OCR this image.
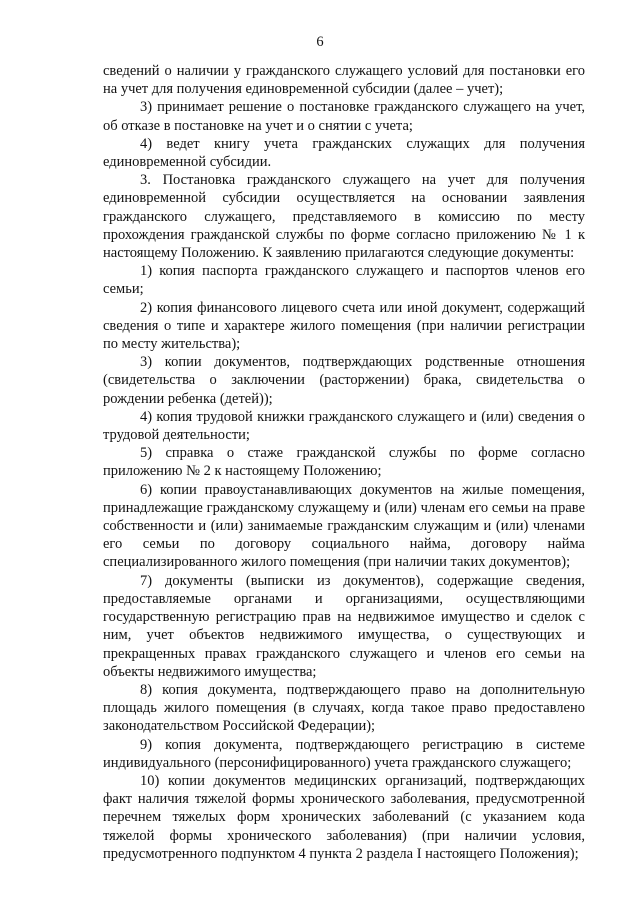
6

сведений о наличии у гражданского служащего условий для постановки его на учет для получения единовременной субсидии (далее – учет);

3) принимает решение о постановке гражданского служащего на учет, об отказе в постановке на учет и о снятии с учета;

4) ведет книгу учета гражданских служащих для получения единовременной субсидии.

3. Постановка гражданского служащего на учет для получения единовременной субсидии осуществляется на основании заявления гражданского служащего, представляемого в комиссию по месту прохождения гражданской службы по форме согласно приложению № 1 к настоящему Положению. К заявлению прилагаются следующие документы:

1) копия паспорта гражданского служащего и паспортов членов его семьи;

2) копия финансового лицевого счета или иной документ, содержащий сведения о типе и характере жилого помещения (при наличии регистрации по месту жительства);

3) копии документов, подтверждающих родственные отношения (свидетельства о заключении (расторжении) брака, свидетельства о рождении ребенка (детей));

4) копия трудовой книжки гражданского служащего и (или) сведения о трудовой деятельности;

5) справка о стаже гражданской службы по форме согласно приложению № 2 к настоящему Положению;

6) копии правоустанавливающих документов на жилые помещения, принадлежащие гражданскому служащему и (или) членам его семьи на праве собственности и (или) занимаемые гражданским служащим и (или) членами его семьи по договору социального найма, договору найма специализированного жилого помещения (при наличии таких документов);

7) документы (выписки из документов), содержащие сведения, предоставляемые органами и организациями, осуществляющими государственную регистрацию прав на недвижимое имущество и сделок с ним, учет объектов недвижимого имущества, о существующих и прекращенных правах гражданского служащего и членов его семьи на объекты недвижимого имущества;

8) копия документа, подтверждающего право на дополнительную площадь жилого помещения (в случаях, когда такое право предоставлено законодательством Российской Федерации);

9) копия документа, подтверждающего регистрацию в системе индивидуального (персонифицированного) учета гражданского служащего;

10) копии документов медицинских организаций, подтверждающих факт наличия тяжелой формы хронического заболевания, предусмотренной перечнем тяжелых форм хронических заболеваний (с указанием кода тяжелой формы хронического заболевания) (при наличии условия, предусмотренного подпунктом 4 пункта 2 раздела I настоящего Положения);
